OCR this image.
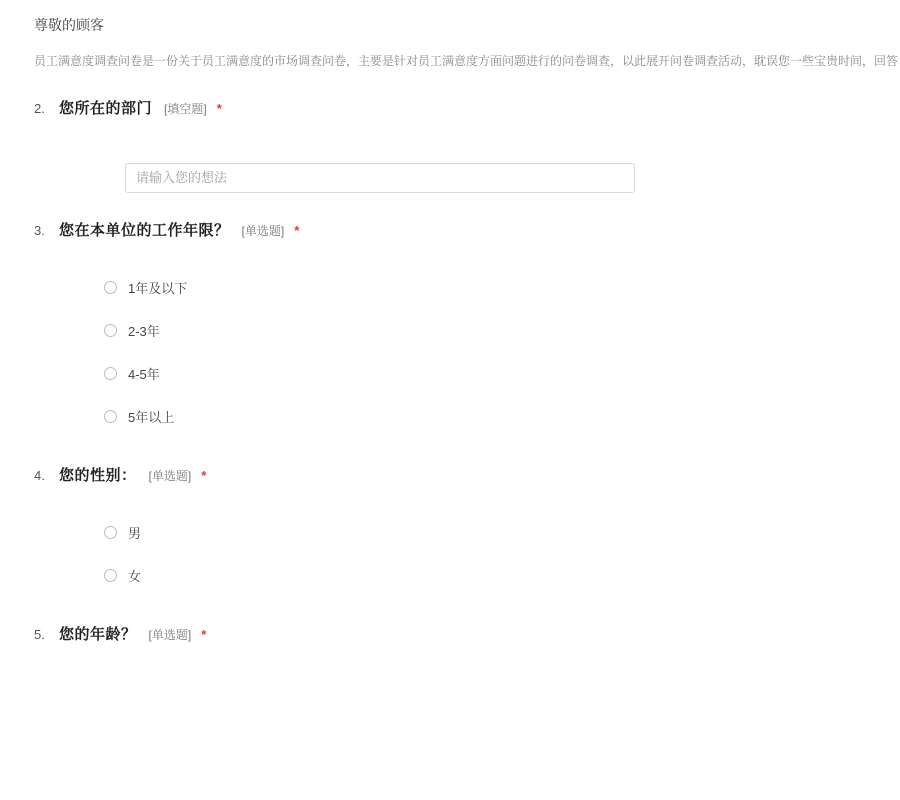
尊敬的顾客
员工满意度调查问卷是一份关于员工满意度的市场调查问卷，主要是针对员工满意度方面问题进行的问卷调查，以此展开问卷调查活动，耽误您一些宝贵时间，回答
2. 您所在的部门 [填空题] *
请输入您的想法
3. 您在本单位的工作年限？ [单选题] *
1年及以下
2-3年
4-5年
5年以上
4. 您的性别： [单选题] *
男
女
5. 您的年龄？ [单选题] *
